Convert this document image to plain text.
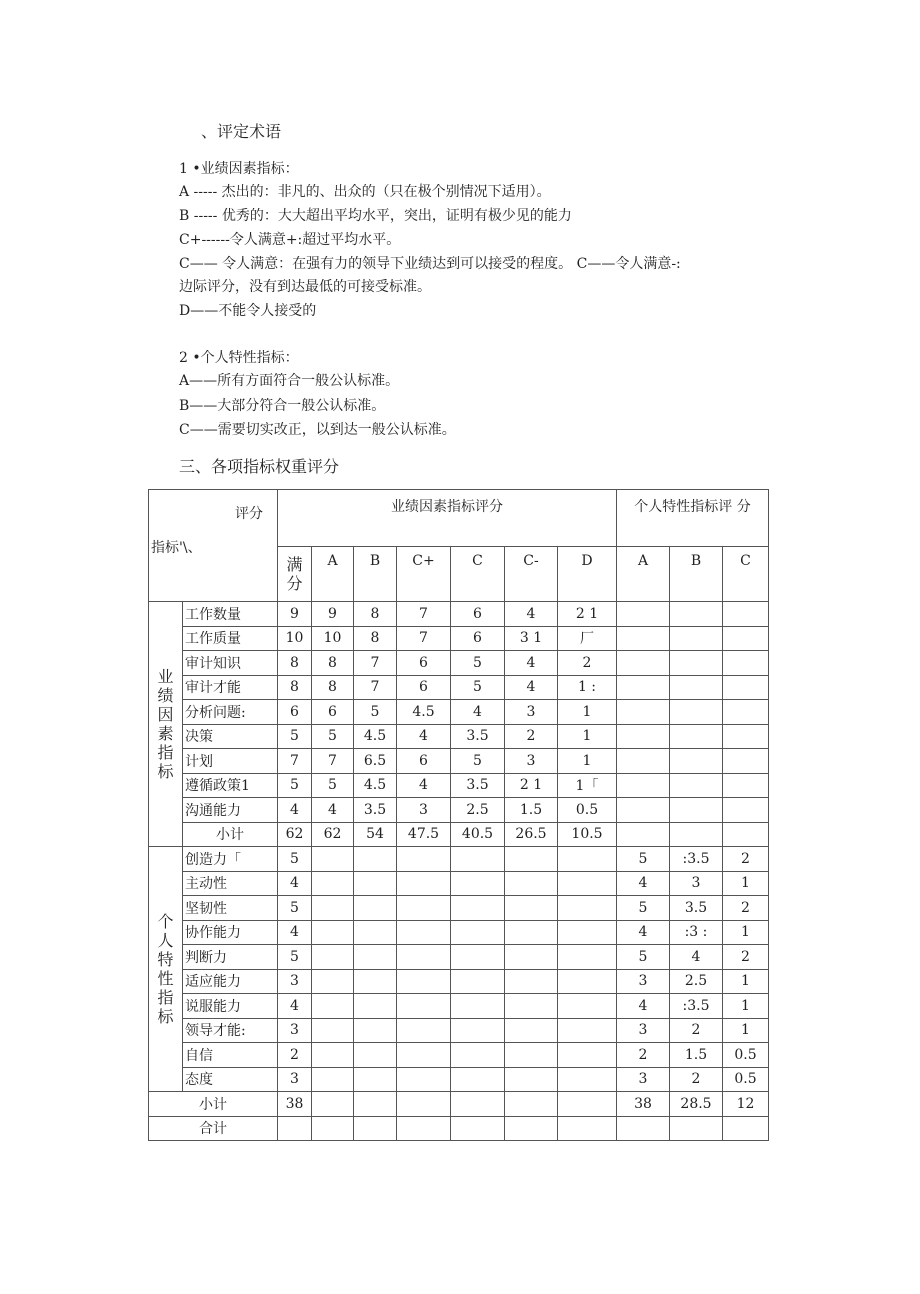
、评定术语
1 •业绩因素指标：
A ----- 杰出的：非凡的、出众的（只在极个别情况下适用）。
B ----- 优秀的：大大超出平均水平，突出，证明有极少见的能力
C+------令人满意+:超过平均水平。
C—— 令人满意：在强有力的领导下业绩达到可以接受的程度。 C——令人满意-:
边际评分，没有到达最低的可接受标准。
D——不能令人接受的
2 •个人特性指标：
A——所有方面符合一般公认标准。
B——大部分符合一般公认标准。
C——需要切实改正，以到达一般公认标准。
三、各项指标权重评分
评分
指标'\、		业绩因素指标评分							个人特性指标评 分		

		满分	A	B	C+	C	C-	D	A	B	C

业绩因素指标	工作数量	9	9	8	7	6	4	2 1			
	工作质量	10	10	8	7	6	3 1	厂			
	审计知识	8	8	7	6	5	4	2			
	审计才能	8	8	7	6	5	4	1 :			
	分析问题:	6	6	5	4.5	4	3	1			
	决策	5	5	4.5	4	3.5	2	1			
	计划	7	7	6.5	6	5	3	1			
	遵循政策1	5	5	4.5	4	3.5	2 1	1「			
	沟通能力	4	4	3.5	3	2.5	1.5	0.5			
	小计	62	62	54	47.5	40.5	26.5	10.5			

个人特性指标	创造力「	5							5	:3.5	2
	主动性	4							4	3	1
	坚韧性	5							5	3.5	2
	协作能力	4							4	:3 :	1
	判断力	5							5	4	2
	适应能力	3							3	2.5	1
	说服能力	4							4	:3.5	1
	领导才能:	3							3	2	1
	自信	2							2	1.5	0.5
	态度	3							3	2	0.5
小计		38							38	28.5	12
合计											
